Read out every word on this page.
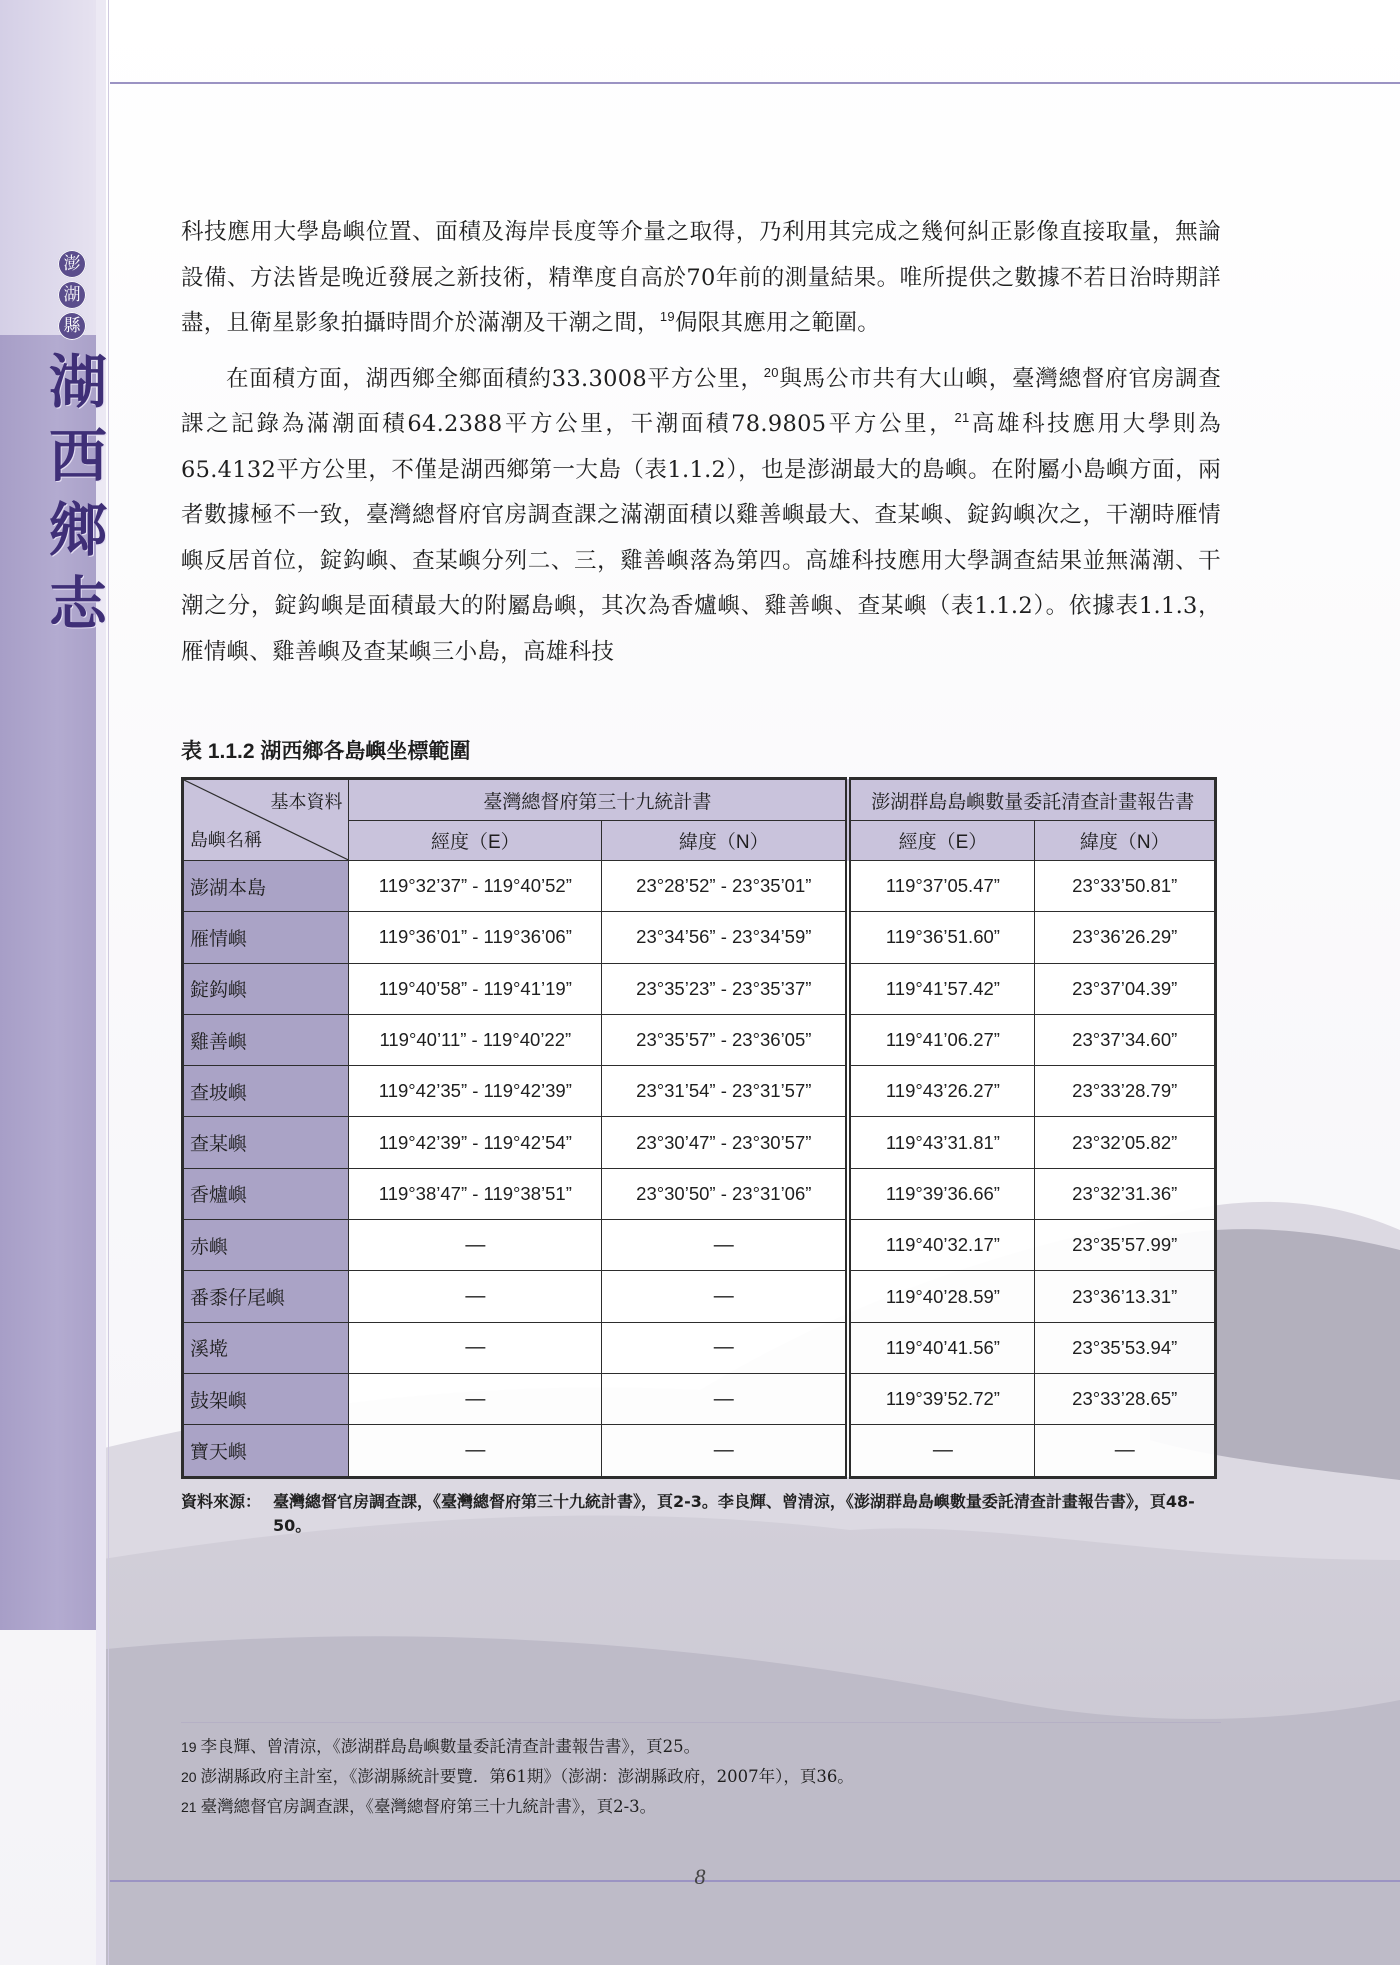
澎
湖
縣
湖
西
鄉
志

科技應用大學島嶼位置、面積及海岸長度等介量之取得，乃利用其完成之幾何糾正影像直接取量，無論設備、方法皆是晚近發展之新技術，精準度自高於70年前的測量結果。唯所提供之數據不若日治時期詳盡，且衛星影象拍攝時間介於滿潮及干潮之間，$^{19}$侷限其應用之範圍。

在面積方面，湖西鄉全鄉面積約33.3008平方公里，$^{20}$與馬公市共有大山嶼，臺灣總督府官房調查課之記錄為滿潮面積64.2388平方公里，干潮面積78.9805平方公里，$^{21}$高雄科技應用大學則為65.4132平方公里，不僅是湖西鄉第一大島（表1.1.2），也是澎湖最大的島嶼。在附屬小島嶼方面，兩者數據極不一致，臺灣總督府官房調查課之滿潮面積以雞善嶼最大、查某嶼、錠鈎嶼次之，干潮時雁情嶼反居首位，錠鈎嶼、查某嶼分列二、三，雞善嶼落為第四。高雄科技應用大學調查結果並無滿潮、干潮之分，錠鈎嶼是面積最大的附屬島嶼，其次為香爐嶼、雞善嶼、查某嶼（表1.1.2）。依據表1.1.3，雁情嶼、雞善嶼及查某嶼三小島，高雄科技

表 1.1.2 湖西鄉各島嶼坐標範圍
基本資料
島嶼名稱	臺灣總督府第三十九統計書		澎湖群島島嶼數量委託清查計畫報告書	
	經度（E）	緯度（N）	經度（E）	緯度（N）
澎湖本島	119°32’37” - 119°40’52”	23°28’52” - 23°35’01”	119°37’05.47”	23°33’50.81”
雁情嶼	119°36’01” - 119°36’06”	23°34’56” - 23°34’59”	119°36’51.60”	23°36’26.29”
錠鈎嶼	119°40’58” - 119°41’19”	23°35’23” - 23°35’37”	119°41’57.42”	23°37’04.39”
雞善嶼	119°40’11” - 119°40’22”	23°35’57” - 23°36’05”	119°41’06.27”	23°37’34.60”
查坡嶼	119°42’35” - 119°42’39”	23°31’54” - 23°31’57”	119°43’26.27”	23°33’28.79”
查某嶼	119°42’39” - 119°42’54”	23°30’47” - 23°30’57”	119°43’31.81”	23°32’05.82”
香爐嶼	119°38’47” - 119°38’51”	23°30’50” - 23°31’06”	119°39’36.66”	23°32’31.36”
赤嶼	—	—	119°40’32.17”	23°35’57.99”
番黍仔尾嶼	—	—	119°40’28.59”	23°36’13.31”
溪墘	—	—	119°40’41.56”	23°35’53.94”
鼓架嶼	—	—	119°39’52.72”	23°33’28.65”
寶天嶼	—	—	—	—
資料來源： 臺灣總督官房調查課，《臺灣總督府第三十九統計書》，頁2-3。李良輝、曾清涼，《澎湖群島島嶼數量委託清查計畫報告書》，頁48-50。

19 李良輝、曾清涼，《澎湖群島島嶼數量委託清查計畫報告書》，頁25。

20 澎湖縣政府主計室，《澎湖縣統計要覽．第61期》（澎湖：澎湖縣政府，2007年），頁36。

21 臺灣總督官房調查課，《臺灣總督府第三十九統計書》，頁2-3。

8
